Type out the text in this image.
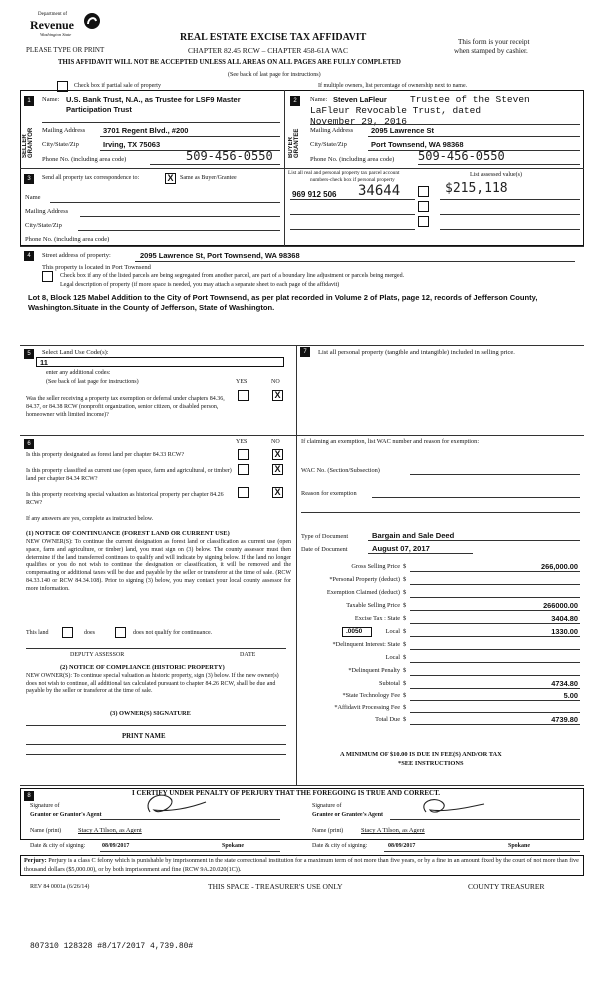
Department of
Revenue
Washington State
PLEASE TYPE OR PRINT
REAL ESTATE EXCISE TAX AFFIDAVIT
CHAPTER 82.45 RCW – CHAPTER 458-61A WAC
This form is your receipt
when stamped by cashier.
THIS AFFIDAVIT WILL NOT BE ACCEPTED UNLESS ALL AREAS ON ALL PAGES ARE FULLY COMPLETED
(See back of last page for instructions)
Check box if partial sale of property	If multiple owners, list percentage of ownership next to name.
1
SELLER GRANTOR
Name: U.S. Bank Trust, N.A., as Trustee for LSF9 Master Participation Trust
Mailing Address 3701 Regent Blvd., #200
City/State/Zip	Irving, TX 75063
Phone No. (including area code)	509-456-0550
2
BUYER GRANTEE
Name: Steven LaFleur Trustee of the Steven
LaFleur Revocable Trust, dated
November 29, 2016
Mailing Address 2095 Lawrence St
City/State/Zip	Port Townsend, WA 98368
Phone No. (including area code) 509-456-0550
3	Send all property tax correspondence to:	X	Same as Buyer/Grantee
Name
Mailing Address
City/State/Zip
Phone No. (including area code)
List all real and personal property tax parcel account
numbers-check box if personal property
List assessed value(s)
969 912 506 34644	$215,118
4	Street address of property:	2095 Lawrence St, Port Townsend, WA 98368
This property is located in Port Townsend
Check box if any of the listed parcels are being segregated from another parcel, are part of a boundary line adjustment or parcels being merged.
Legal description of property (if more space is needed, you may attach a separate sheet to each page of the affidavit)
Lot 8, Block 125 Mabel Addition to the City of Port Townsend, as per plat recorded in Volume 2 of Plats, page 12, records of Jefferson County, Washington.Situate in the County of Jefferson, State of Washington.
5	Select Land Use Code(s):
11
enter any additional codes:
(See back of last page for instructions)	YES	NO
Was the seller receiving a property tax exemption or deferral under chapters 84.36, 84.37, or 84.38 RCW (nonprofit organization, senior citizen, or disabled person, homeowner with limited income)?
X
7	List all personal property (tangible and intangible) included in selling price.
6	YES	NO
Is this property designated as forest land per chapter 84.33 RCW?	X
Is this property classified as current use (open space, farm and agricultural, or timber) land per chapter 84.34 RCW?
X
Is this property receiving special valuation as historical property per chapter 84.26 RCW?
X
If any answers are yes, complete as instructed below.
(1) NOTICE OF CONTINUANCE (FOREST LAND OR CURRENT USE)
NEW OWNER(S): To continue the current designation as forest land or classification as current use (open space, farm and agriculture, or timber) land, you must sign on (3) below. The county assessor must then determine if the land transferred continues to qualify and will indicate by signing below. If the land no longer qualifies or you do not wish to continue the designation or classification, it will be removed and the compensating or additional taxes will be due and payable by the seller or transferor at the time of sale. (RCW 84.33.140 or RCW 84.34.108). Prior to signing (3) below, you may contact your local county assessor for more information.
This land	does	does not qualify for continuance.
DEPUTY ASSESSOR	DATE
(2) NOTICE OF COMPLIANCE (HISTORIC PROPERTY)
NEW OWNER(S): To continue special valuation as historic property, sign (3) below. If the new owner(s) does not wish to continue, all additional tax calculated pursuant to chapter 84.26 RCW, shall be due and payable by the seller or transferor at the time of sale.
(3) OWNER(S) SIGNATURE
PRINT NAME
If claiming an exemption, list WAC number and reason for exemption:
WAC No. (Section/Subsection)
Reason for exemption
Type of Document	Bargain and Sale Deed
Date of Document	August 07, 2017
Gross Selling Price $	266,000.00
*Personal Property (deduct) $
Exemption Claimed (deduct) $
Taxable Selling Price $	266000.00
Excise Tax : State $	3404.80
Local $	1330.00
*Delinquent Interest: State $
Local $
*Delinquent Penalty $
Subtotal $	4734.80
*State Technology Fee $	5.00
*Affidavit Processing Fee $
Total Due $	4739.80
.0050
A MINIMUM OF $10.00 IS DUE IN FEE(S) AND/OR TAX
*SEE INSTRUCTIONS
8	I CERTIFY UNDER PENALTY OF PERJURY THAT THE FOREGOING IS TRUE AND CORRECT.
Signature of
Grantor or Grantor's Agent
Signature of
Grantee or Grantee's Agent
Name (print)	Stacy A Tilson, as Agent	Name (print)	Stacy A Tilson, as Agent
Date & city of signing:	08/09/2017	Spokane	Date & city of signing:	08/09/2017	Spokane
Perjury: Perjury is a class C felony which is punishable by imprisonment in the state correctional institution for a maximum term of not more than five years, or by a fine in an amount fixed by the court of not more than five thousand dollars ($5,000.00), or by both imprisonment and fine (RCW 9A.20.020(1C)).
REV 84 0001a (6/26/14)	THIS SPACE - TREASURER'S USE ONLY	COUNTY TREASURER
807310 128328 #8/17/2017 4,739.80#
